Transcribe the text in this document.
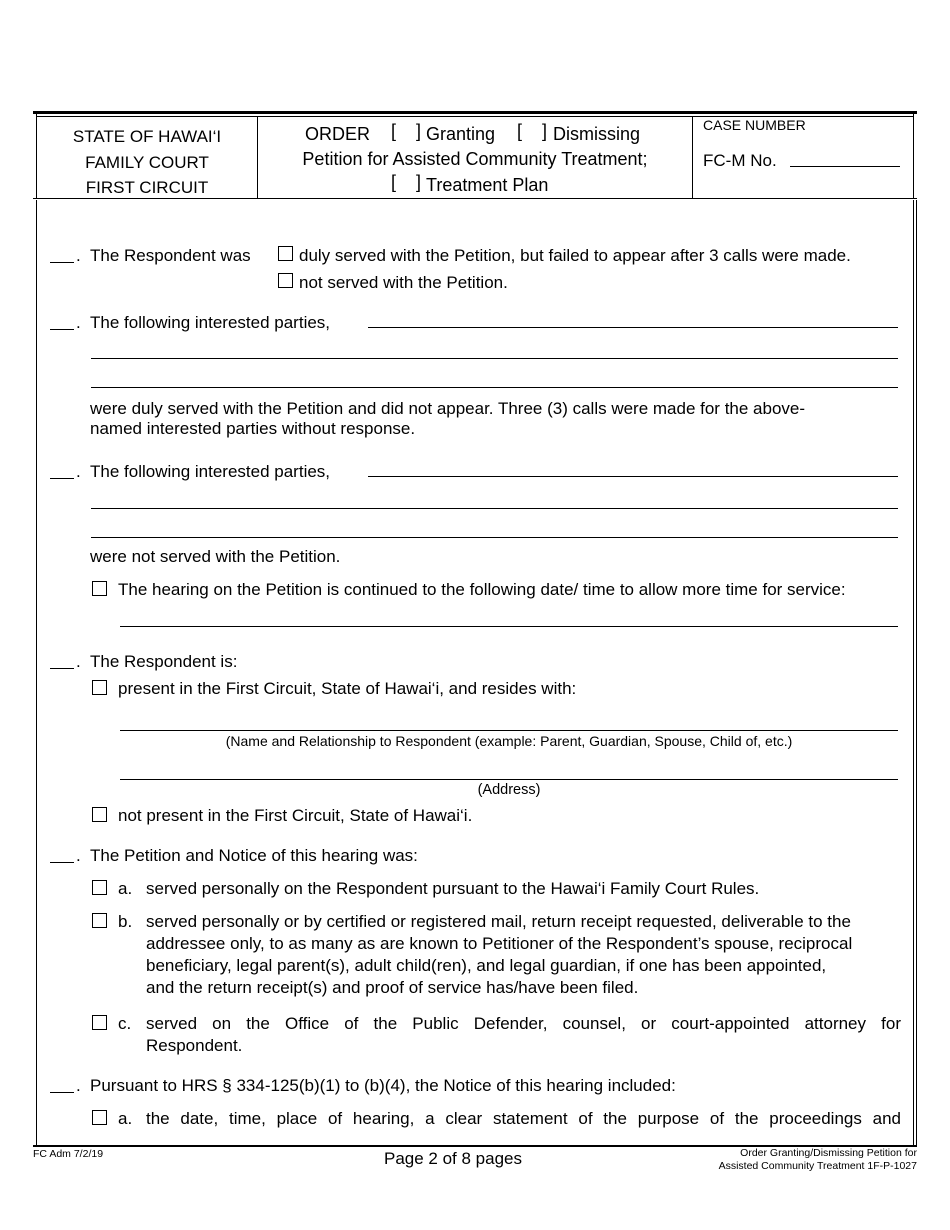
STATE OF HAWAI‘I
FAMILY COURT
FIRST CIRCUIT
ORDER [ ] Granting [ ] Dismissing
Petition for Assisted Community Treatment;
[ ] Treatment Plan
CASE NUMBER
FC-M No.
. The Respondent was	duly served with the Petition, but failed to appear after 3 calls were made.
not served with the Petition.
. The following interested parties,
were duly served with the Petition and did not appear. Three (3) calls were made for the above-
named interested parties without response.
. The following interested parties,
were not served with the Petition.
The hearing on the Petition is continued to the following date/ time to allow more time for service:
. The Respondent is:
present in the First Circuit, State of Hawai‘i, and resides with:
(Name and Relationship to Respondent (example: Parent, Guardian, Spouse, Child of, etc.)
(Address)
not present in the First Circuit, State of Hawai‘i.
. The Petition and Notice of this hearing was:
a. served personally on the Respondent pursuant to the Hawai‘i Family Court Rules.
b. served personally or by certified or registered mail, return receipt requested, deliverable to the
addressee only, to as many as are known to Petitioner of the Respondent’s spouse, reciprocal
beneficiary, legal parent(s), adult child(ren), and legal guardian, if one has been appointed,
and the return receipt(s) and proof of service has/have been filed.
c. served on the Office of the Public Defender, counsel, or court-appointed attorney for
Respondent.
. Pursuant to HRS § 334-125(b)(1) to (b)(4), the Notice of this hearing included:
a. the date, time, place of hearing, a clear statement of the purpose of the proceedings and
FC Adm 7/2/19	Page 2 of 8 pages	Order Granting/Dismissing Petition for
Assisted Community Treatment 1F-P-1027
